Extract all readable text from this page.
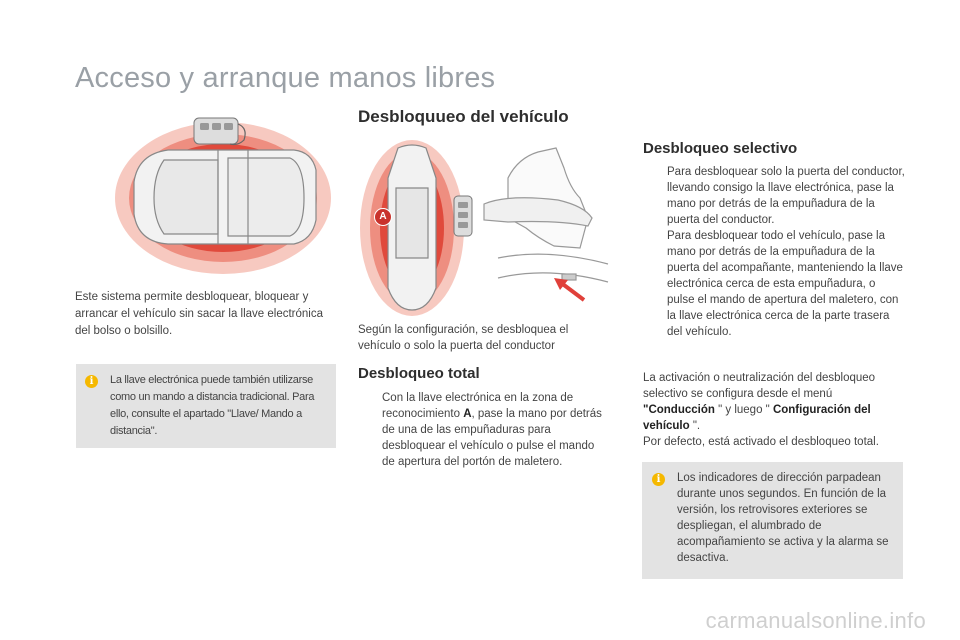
Acceso y arranque manos libres

Este sistema permite desbloquear, bloquear y arrancar el vehículo sin sacar la llave electrónica del bolso o bolsillo.

i	La llave electrónica puede también utilizarse como un mando a distancia tradicional. Para ello, consulte el apartado "Llave/ Mando a distancia".

Desbloquueo del vehículo
A

Según la configuración, se desbloquea el vehículo o solo la puerta del conductor

Desbloqueo total
Con la llave electrónica en la zona de reconocimiento A, pase la mano por detrás de una de las empuñaduras para desbloquear el vehículo o pulse el mando de apertura del portón de maletero.
Desbloqueo selectivo
Para desbloquear solo la puerta del conductor, llevando consigo la llave electrónica, pase la mano por detrás de la empuñadura de la puerta del conductor.
Para desbloquear todo el vehículo, pase la mano por detrás de la empuñadura de la puerta del acompañante, manteniendo la llave electrónica cerca de esta empuñadura, o pulse el mando de apertura del maletero, con la llave electrónica cerca de la parte trasera del vehículo.
La activación o neutralización del desbloqueo selectivo se configura desde el menú "Conducción " y luego " Configuración del vehículo ".
Por defecto, está activado el desbloqueo total.
i	Los indicadores de dirección parpadean durante unos segundos. En función de la versión, los retrovisores exteriores se despliegan, el alumbrado de acompañamiento se activa y la alarma se desactiva.

carmanualsonline.info
